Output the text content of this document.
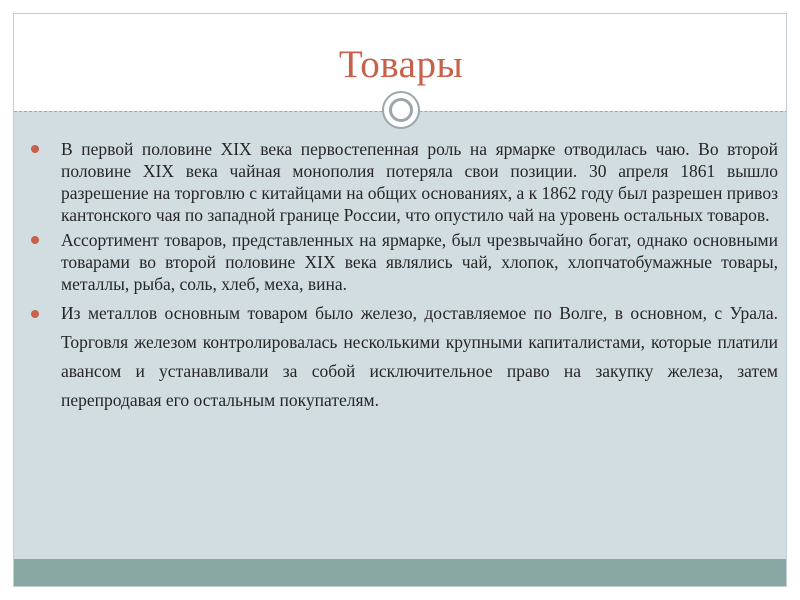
Товары
В первой половине XIX века первостепенная роль на ярмарке отводилась чаю. Во второй половине XIX века чайная монополия потеряла свои позиции. 30 апреля 1861 вышло разрешение на торговлю с китайцами на общих основаниях, а к 1862 году был разрешен привоз кантонского чая по западной границе России, что опустило чай на уровень остальных товаров.
Ассортимент товаров, представленных на ярмарке, был чрезвычайно богат, однако основными товарами во второй половине XIX века являлись чай, хлопок, хлопчатобумажные товары, металлы, рыба, соль, хлеб, меха, вина.
Из металлов основным товаром было железо, доставляемое по Волге, в основном, с Урала. Торговля железом контролировалась несколькими крупными капиталистами, которые платили авансом и устанавливали за собой исключительное право на закупку железа, затем перепродавая его остальным покупателям.
